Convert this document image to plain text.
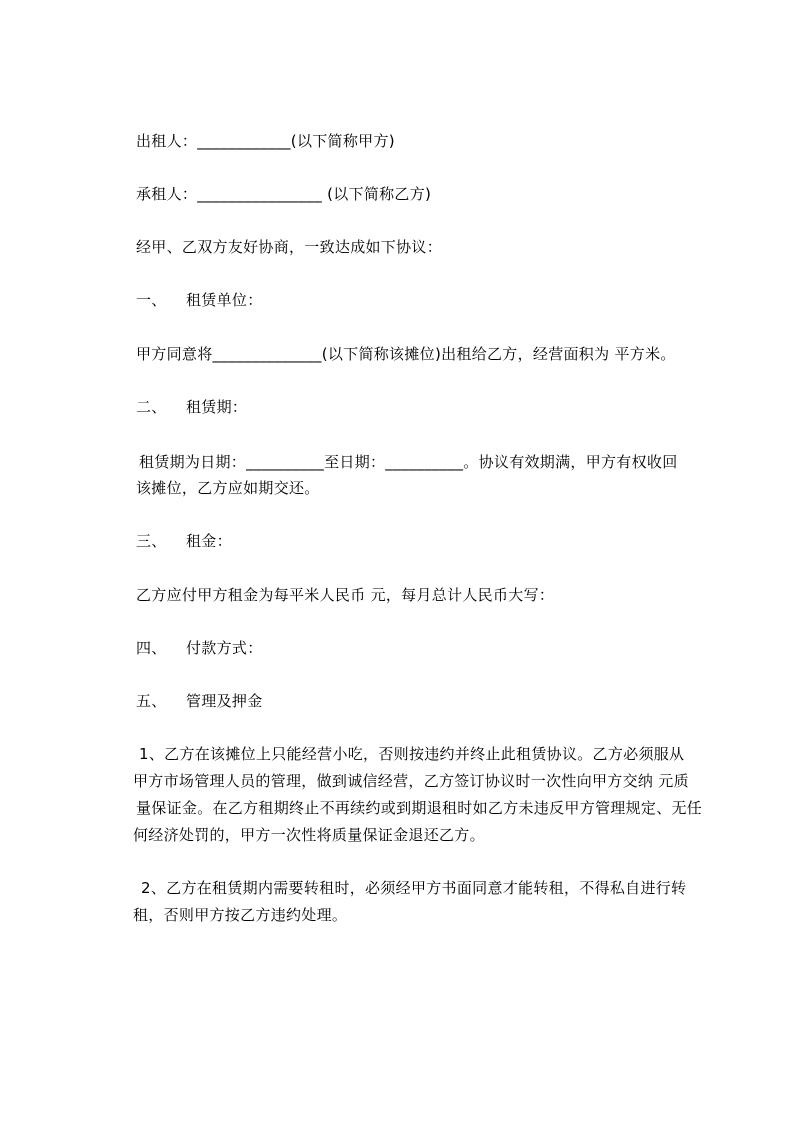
出租人：____________(以下简称甲方)
承租人：________________ (以下简称乙方)
经甲、乙双方友好协商，一致达成如下协议：
一、 租赁单位：
甲方同意将______________(以下简称该摊位)出租给乙方，经营面积为 平方米。
二、 租赁期：
租赁期为日期：__________至日期：__________。协议有效期满，甲方有权收回
该摊位，乙方应如期交还。
三、 租金：
乙方应付甲方租金为每平米人民币 元，每月总计人民币大写：
四、 付款方式：
五、 管理及押金
1、乙方在该摊位上只能经营小吃，否则按违约并终止此租赁协议。乙方必须服从
甲方市场管理人员的管理，做到诚信经营，乙方签订协议时一次性向甲方交纳 元质
量保证金。在乙方租期终止不再续约或到期退租时如乙方未违反甲方管理规定、无任
何经济处罚的，甲方一次性将质量保证金退还乙方。
2、乙方在租赁期内需要转租时，必须经甲方书面同意才能转租，不得私自进行转
租，否则甲方按乙方违约处理。
